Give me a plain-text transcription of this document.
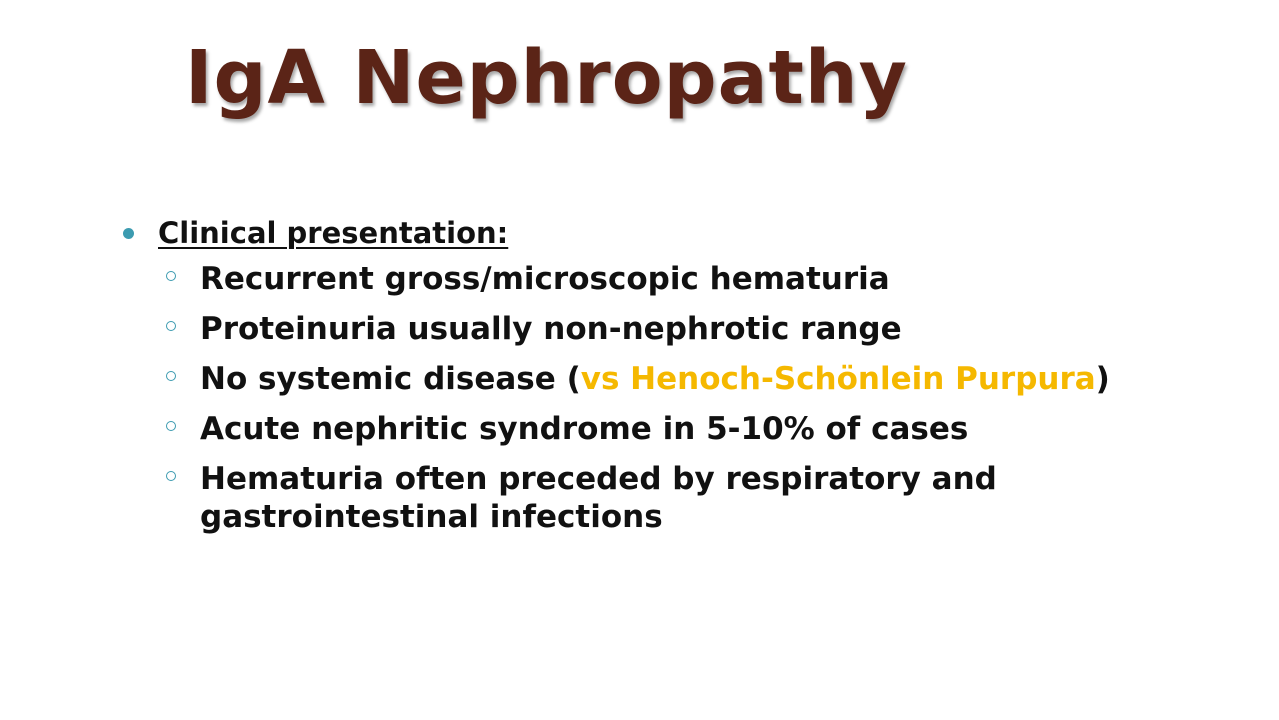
IgA Nephropathy
Clinical presentation:
Recurrent gross/microscopic hematuria
Proteinuria usually non-nephrotic range
No systemic disease (vs Henoch-Schönlein Purpura)
Acute nephritic syndrome in 5-10% of cases
Hematuria often preceded by respiratory and gastrointestinal infections
